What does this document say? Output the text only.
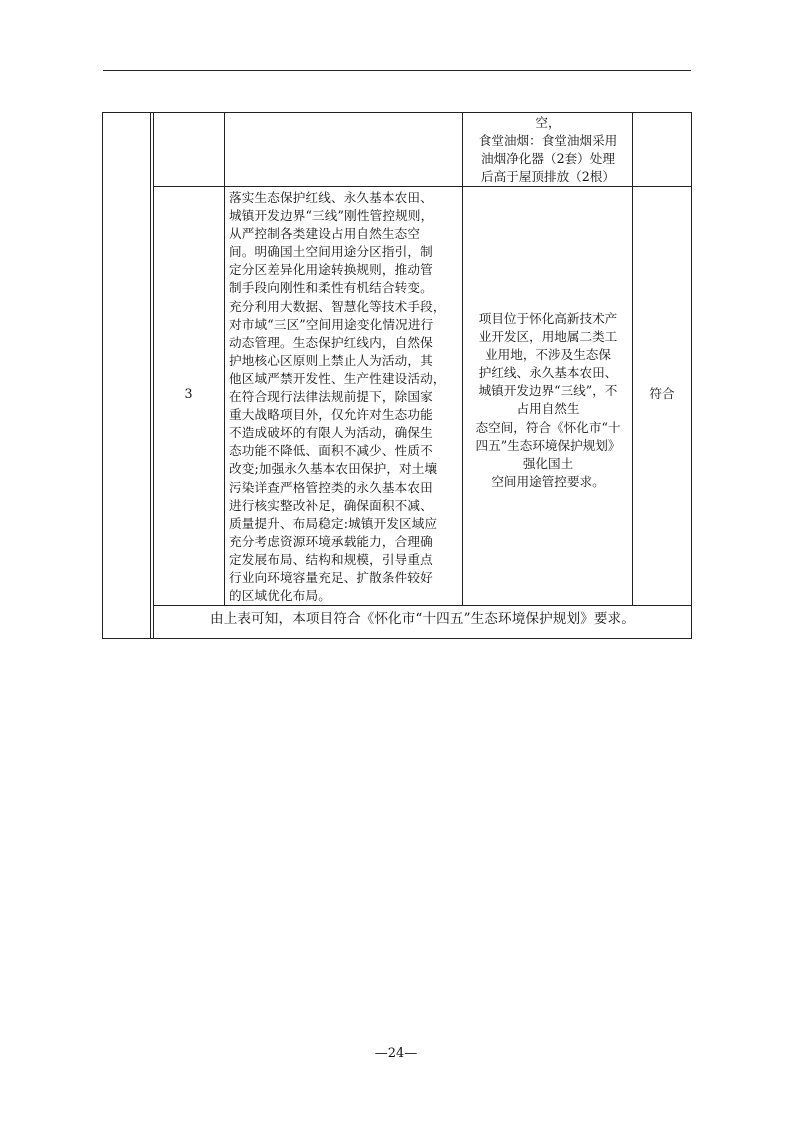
空，
食堂油烟：食堂油烟采用
油烟净化器（2套）处理
后高于屋顶排放（2根）
3
落实生态保护红线、永久基本农田、
城镇开发边界“三线”刚性管控规则，
从严控制各类建设占用自然生态空
间。明确国土空间用途分区指引，制
定分区差异化用途转换规则，推动管
制手段向刚性和柔性有机结合转变。
充分利用大数据、智慧化等技术手段，
对市域“三区”空间用途变化情况进行
动态管理。生态保护红线内，自然保
护地核心区原则上禁止人为活动，其
他区域严禁开发性、生产性建设活动，
在符合现行法律法规前提下，除国家
重大战略项目外，仅允许对生态功能
不造成破坏的有限人为活动，确保生
态功能不降低、面积不减少、性质不
改变;加强永久基本农田保护，对土壤
污染详查严格管控类的永久基本农田
进行核实整改补足，确保面积不减、
质量提升、布局稳定:城镇开发区域应
充分考虑资源环境承载能力，合理确
定发展布局、结构和规模，引导重点
行业向环境容量充足、扩散条件较好
的区域优化布局。
项目位于怀化高新技术产
业开发区，用地属二类工
业用地，不涉及生态保
护红线、永久基本农田、
城镇开发边界“三线”，不
占用自然生
态空间，符合《怀化市“十
四五”生态环境保护规划》
强化国土
空间用途管控要求。
符合
由上表可知，本项目符合《怀化市“十四五”生态环境保护规划》要求。
—24—
